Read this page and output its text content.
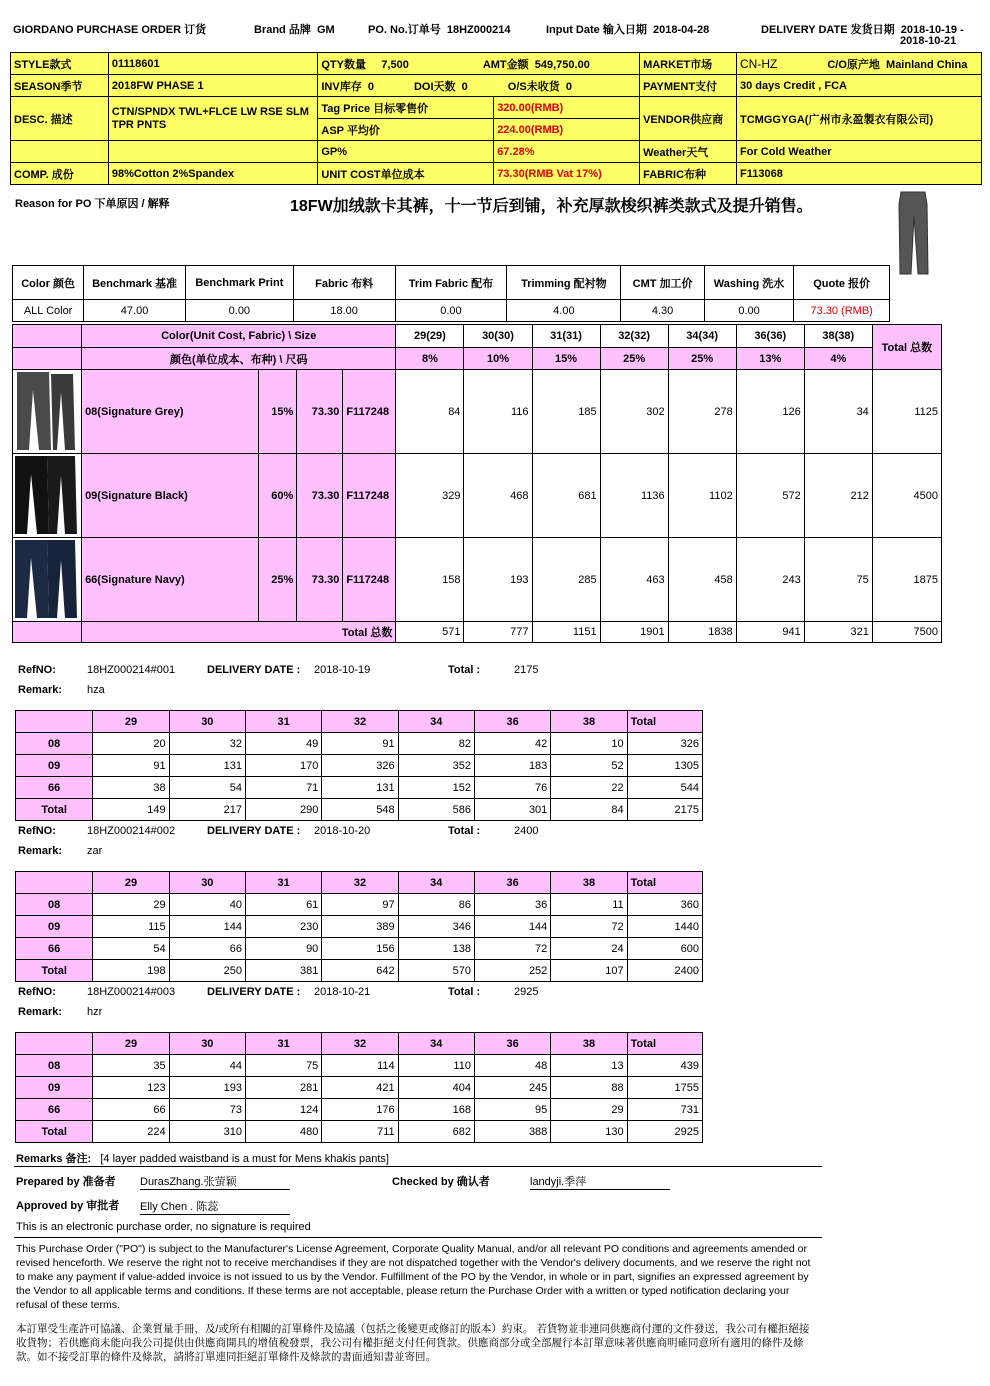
GIORDANO PURCHASE ORDER 订货	Brand 品牌 GM	PO. No.订单号 18HZ000214	Input Date 输入日期 2018-04-28	DELIVERY DATE 发货日期 2018-10-19 -
2018-10-21
STYLE款式	01118601	QTY数量 7,500 AMT金额 549,750.00		MARKET市场	CN-HZ C/O原产地 Mainland China
SEASON季节	2018FW PHASE 1	INV库存 0 DOI天数 0 O/S未收货 0		PAYMENT支付	30 days Credit , FCA
DESC. 描述	CTN/SPNDX TWL+FLCE LW RSE SLM TPR PNTS	Tag Price 目标零售价	320.00(RMB)	VENDOR供应商	TCMGGYGA(广州市永盈製衣有限公司)
		ASP 平均价	224.00(RMB)		
		GP%	67.28%	Weather天气	For Cold Weather
COMP. 成份	98%Cotton 2%Spandex	UNIT COST单位成本	73.30(RMB Vat 17%)	FABRIC布种	F113068
Reason for PO 下单原因 / 解释	18FW加绒款卡其裤，十一节后到铺，补充厚款梭织裤类款式及提升销售。
Color 颜色	Benchmark 基准	Benchmark Print	Fabric 布料	Trim Fabric 配布	Trimming 配衬物	CMT 加工价	Washing 洗水	Quote 报价
ALL Color	47.00	0.00	18.00	0.00	4.00	4.30	0.00	73.30 (RMB)
	Color(Unit Cost, Fabric) \ Size				29(29)	30(30)	31(31)	32(32)	34(34)	36(36)	38(38)	Total 总数
	颜色(单位成本、布种) \ 尺码				8%	10%	15%	25%	25%	13%	4%	
	08(Signature Grey)	15%	73.30	F117248	84	116	185	302	278	126	34	1125
	09(Signature Black)	60%	73.30	F117248	329	468	681	1136	1102	572	212	4500
	66(Signature Navy)	25%	73.30	F117248	158	193	285	463	458	243	75	1875
	Total 总数				571	777	1151	1901	1838	941	321	7500
RefNO:	18HZ000214#001	DELIVERY DATE : 2018-10-19	Total :	2175
Remark: hza
	29	30	31	32	34	36	38	Total
08	20	32	49	91	82	42	10	326
09	91	131	170	326	352	183	52	1305
66	38	54	71	131	152	76	22	544
Total	149	217	290	548	586	301	84	2175
RefNO:	18HZ000214#002	DELIVERY DATE : 2018-10-20	Total :	2400
Remark: zar
	29	30	31	32	34	36	38	Total
08	29	40	61	97	86	36	11	360
09	115	144	230	389	346	144	72	1440
66	54	66	90	156	138	72	24	600
Total	198	250	381	642	570	252	107	2400
RefNO:	18HZ000214#003	DELIVERY DATE : 2018-10-21	Total :	2925
Remark: hzr
	29	30	31	32	34	36	38	Total
08	35	44	75	114	110	48	13	439
09	123	193	281	421	404	245	88	1755
66	66	73	124	176	168	95	29	731
Total	224	310	480	711	682	388	130	2925
Remarks 备注: [4 layer padded waistband is a must for Mens khakis pants]
Prepared by 准备者 DurasZhang.张萤颖	Checked by 确认者	landyji.季萍
Approved by 审批者 Elly Chen . 陈蕊
This is an electronic purchase order, no signature is required
This Purchase Order ("PO") is subject to the Manufacturer's License Agreement, Corporate Quality Manual, and/or all relevant PO conditions and agreements amended or revised henceforth. We reserve the right not to receive merchandises if they are not dispatched together with the Vendor's delivery documents, and we reserve the right not to make any payment if value-added invoice is not issued to us by the Vendor. Fulfillment of the PO by the Vendor, in whole or in part, signifies an expressed agreement by the Vendor to all applicable terms and conditions. If these terms are not acceptable, please return the Purchase Order with a written or typed notification declaring your refusal of these terms.
本訂單受生產許可協議、企業質量手冊，及/或所有相關的訂單條件及協議（包括之後變更或修訂的版本）約束。 若貨物並非連同供應商付運的文件發送，我公司有權拒絕接收貨物；若供應商未能向我公司提供由供應商開具的增值稅發票，我公司有權拒絕支付任何貨款。供應商部分或全部履行本訂單意味著供應商明確同意所有適用的條件及條款。如不接受訂單的條件及條款，請將訂單連同拒絕訂單條件及條款的書面通知書並寄回。
